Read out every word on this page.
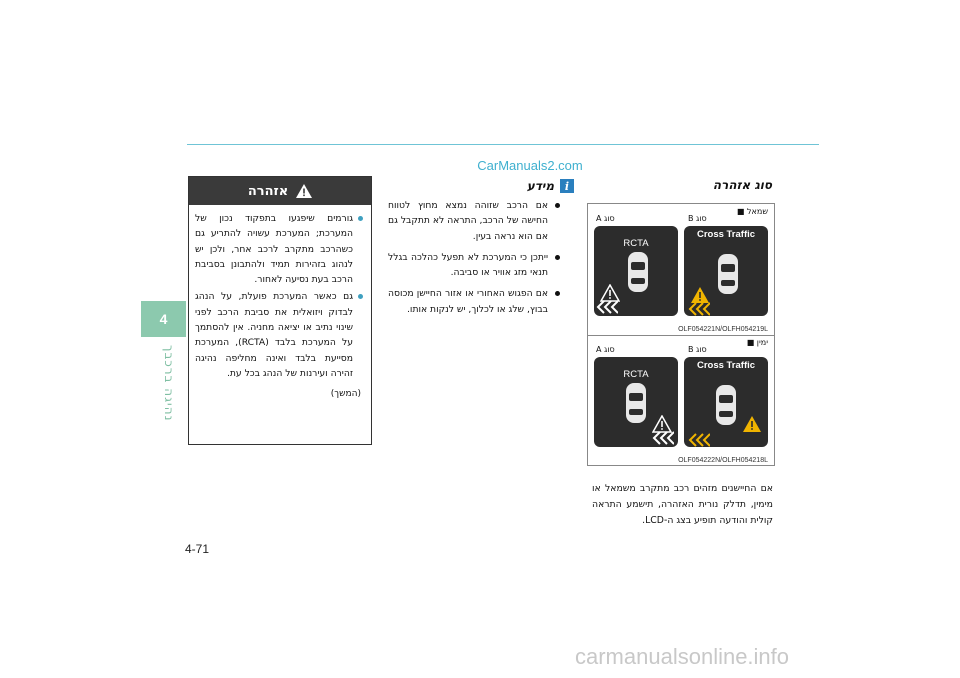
CarManuals2.com
4
נהיגה ברכבך
אזהרה
גורמים שיפגעו בתפקוד נכון של המערכת; המערכת עשויה להתריע גם כשהרכב מתקרב לרכב אחר, ולכן יש לנהוג בזהירות תמיד ולהתבונן בסביבת הרכב בעת נסיעה לאחור.
גם כאשר המערכת פועלת, על הנהג לבדוק ויזואלית את סביבת הרכב לפני שינוי נתיב או יציאה מחניה. אין להסתמך על המערכת בלבד (RCTA), המערכת מסייעת בלבד ואינה מחליפה נהיגה זהירה ועירנות של הנהג בכל עת.
(המשך)
i
מידע
אם הרכב שזוהה נמצא מחוץ לטווח החישה של הרכב, התראה לא תתקבל גם אם הוא נראה בעין.
ייתכן כי המערכת לא תפעל כהלכה בגלל תנאי מזג אוויר או סביבה.
אם הפגוש האחורי או אזור החיישן מכוסה בבוץ, שלג או לכלוך, יש לנקות אותו.
סוג אזהרה
שמאל ■
סוג A	סוג B
RCTA
Cross Traffic
OLF054221N/OLFH054219L
ימין ■
סוג A	סוג B
RCTA
Cross Traffic
OLF054222N/OLFH054218L
אם החיישנים מזהים רכב מתקרב משמאל או מימין, תדלק נורית האזהרה, תישמע התראה קולית והודעה תופיע בצג ה-LCD.
4-71
carmanualsonline.info
